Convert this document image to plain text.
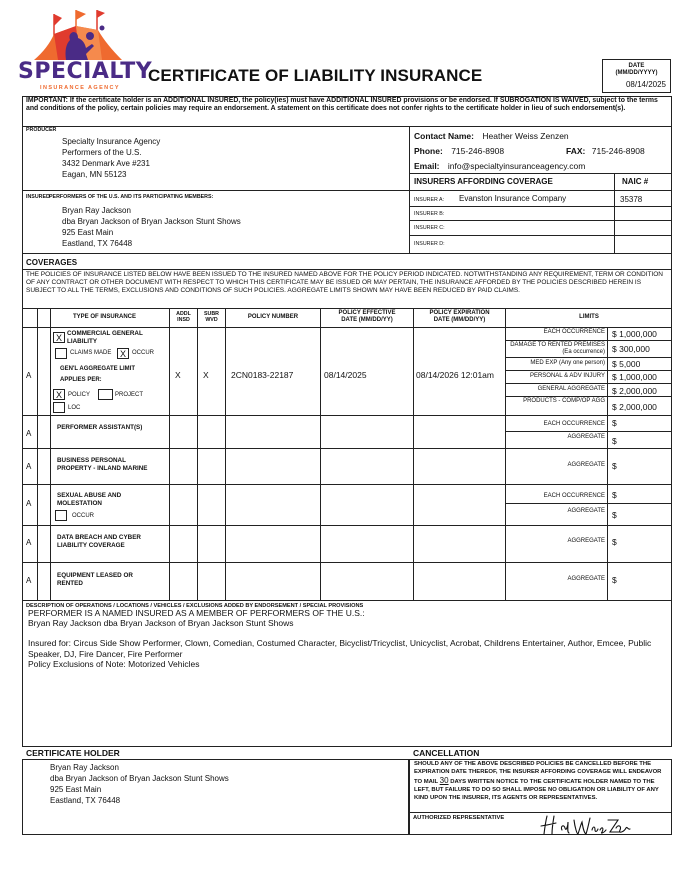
SPECIALTY
INSURANCE AGENCY
CERTIFICATE OF LIABILITY INSURANCE	DATE
(MM/DD/YYYY)
08/14/2025
IMPORTANT: If the certificate holder is an ADDITIONAL INSURED, the policy(ies) must have ADDITIONAL INSURED provisions or be endorsed. If SUBROGATION IS WAIVED, subject to the terms and conditions of the policy, certain policies may require an endorsement. A statement on this certificate does not confer rights to the certificate holder in lieu of such endorsement(s).
PRODUCER
Specialty Insurance Agency
Performers of the U.S.
3432 Denmark Ave #231
Eagan, MN 55123
Contact Name: Heather Weiss Zenzen
Phone: 715-246-8908	FAX: 715-246-8908
Email: info@specialtyinsuranceagency.com
INSURERS AFFORDING COVERAGE	NAIC #
INSURER A: Evanston Insurance Company	35378
INSURER B:
INSURER C:
INSURER D:
INSURED PERFORMERS OF THE U.S. AND ITS PARTICIPATING MEMBERS:
Bryan Ray Jackson
dba Bryan Jackson of Bryan Jackson Stunt Shows
925 East Main
Eastland, TX 76448
COVERAGES
THE POLICIES OF INSURANCE LISTED BELOW HAVE BEEN ISSUED TO THE INSURED NAMED ABOVE FOR THE POLICY PERIOD INDICATED. NOTWITHSTANDING ANY REQUIREMENT, TERM OR CONDITION OF ANY CONTRACT OR OTHER DOCUMENT WITH RESPECT TO WHICH THIS CERTIFICATE MAY BE ISSUED OR MAY PERTAIN, THE INSURANCE AFFORDED BY THE POLICIES DESCRIBED HEREIN IS SUBJECT TO ALL THE TERMS, EXCLUSIONS AND CONDITIONS OF SUCH POLICIES. AGGREGATE LIMITS SHOWN MAY HAVE BEEN REDUCED BY PAID CLAIMS.
TYPE OF INSURANCE	ADDL
INSD
SUBR
WVD	POLICY NUMBER
POLICY EFFECTIVE
DATE (MM/DD/YY)
POLICY EXPIRATION
DATE (MM/DD/YY)	LIMITS
A
X COMMERCIAL GENERAL
LIABILITY
CLAIMS MADE X	OCCUR
GEN'L AGGREGATE LIMIT
APPLIES PER:
X	POLICY	PROJECT
LOC
X	X	2CN0183-22187	08/14/2025	08/14/2026 12:01am
EACH OCCURRENCE $ 1,000,000
DAMAGE TO RENTED PREMISES (Ea occurrence) $ 300,000
MED EXP (Any one person) $ 5,000
PERSONAL & ADV INJURY $ 1,000,000
GENERAL AGGREGATE $ 2,000,000
PRODUCTS - COMP/OP AGG
$ 2,000,000
A
PERFORMER ASSISTANT(S)	EACH OCCURRENCE $
AGGREGATE $
A
BUSINESS PERSONAL PROPERTY - INLAND MARINE	AGGREGATE $
A
SEXUAL ABUSE AND MOLESTATION
OCCUR
EACH OCCURRENCE $
AGGREGATE $
A
DATA BREACH AND CYBER LIABILITY COVERAGE
AGGREGATE $
A
EQUIPMENT LEASED OR RENTED
AGGREGATE $
DESCRIPTION OF OPERATIONS / LOCATIONS / VEHICLES / EXCLUSIONS ADDED BY ENDORSEMENT / SPECIAL PROVISIONS
PERFORMER IS A NAMED INSURED AS A MEMBER OF PERFORMERS OF THE U.S.:
Bryan Ray Jackson dba Bryan Jackson of Bryan Jackson Stunt Shows
Insured for: Circus Side Show Performer, Clown, Comedian, Costumed Character, Bicyclist/Tricyclist, Unicyclist, Acrobat, Childrens Entertainer, Author, Emcee, Public Speaker, DJ, Fire Dancer, Fire Performer
Policy Exclusions of Note: Motorized Vehicles
CERTIFICATE HOLDER
Bryan Ray Jackson
dba Bryan Jackson of Bryan Jackson Stunt Shows
925 East Main
Eastland, TX 76448
CANCELLATION
SHOULD ANY OF THE ABOVE DESCRIBED POLICIES BE CANCELLED BEFORE THE EXPIRATION DATE THEREOF, THE INSURER AFFORDING COVERAGE WILL ENDEAVOR TO MAIL 30 DAYS WRITTEN NOTICE TO THE CERTIFICATE HOLDER NAMED TO THE LEFT, BUT FAILURE TO DO SO SHALL IMPOSE NO OBLIGATION OR LIABILITY OF ANY KIND UPON THE INSURER, ITS AGENTS OR REPRESENTATIVES.
AUTHORIZED REPRESENTATIVE
